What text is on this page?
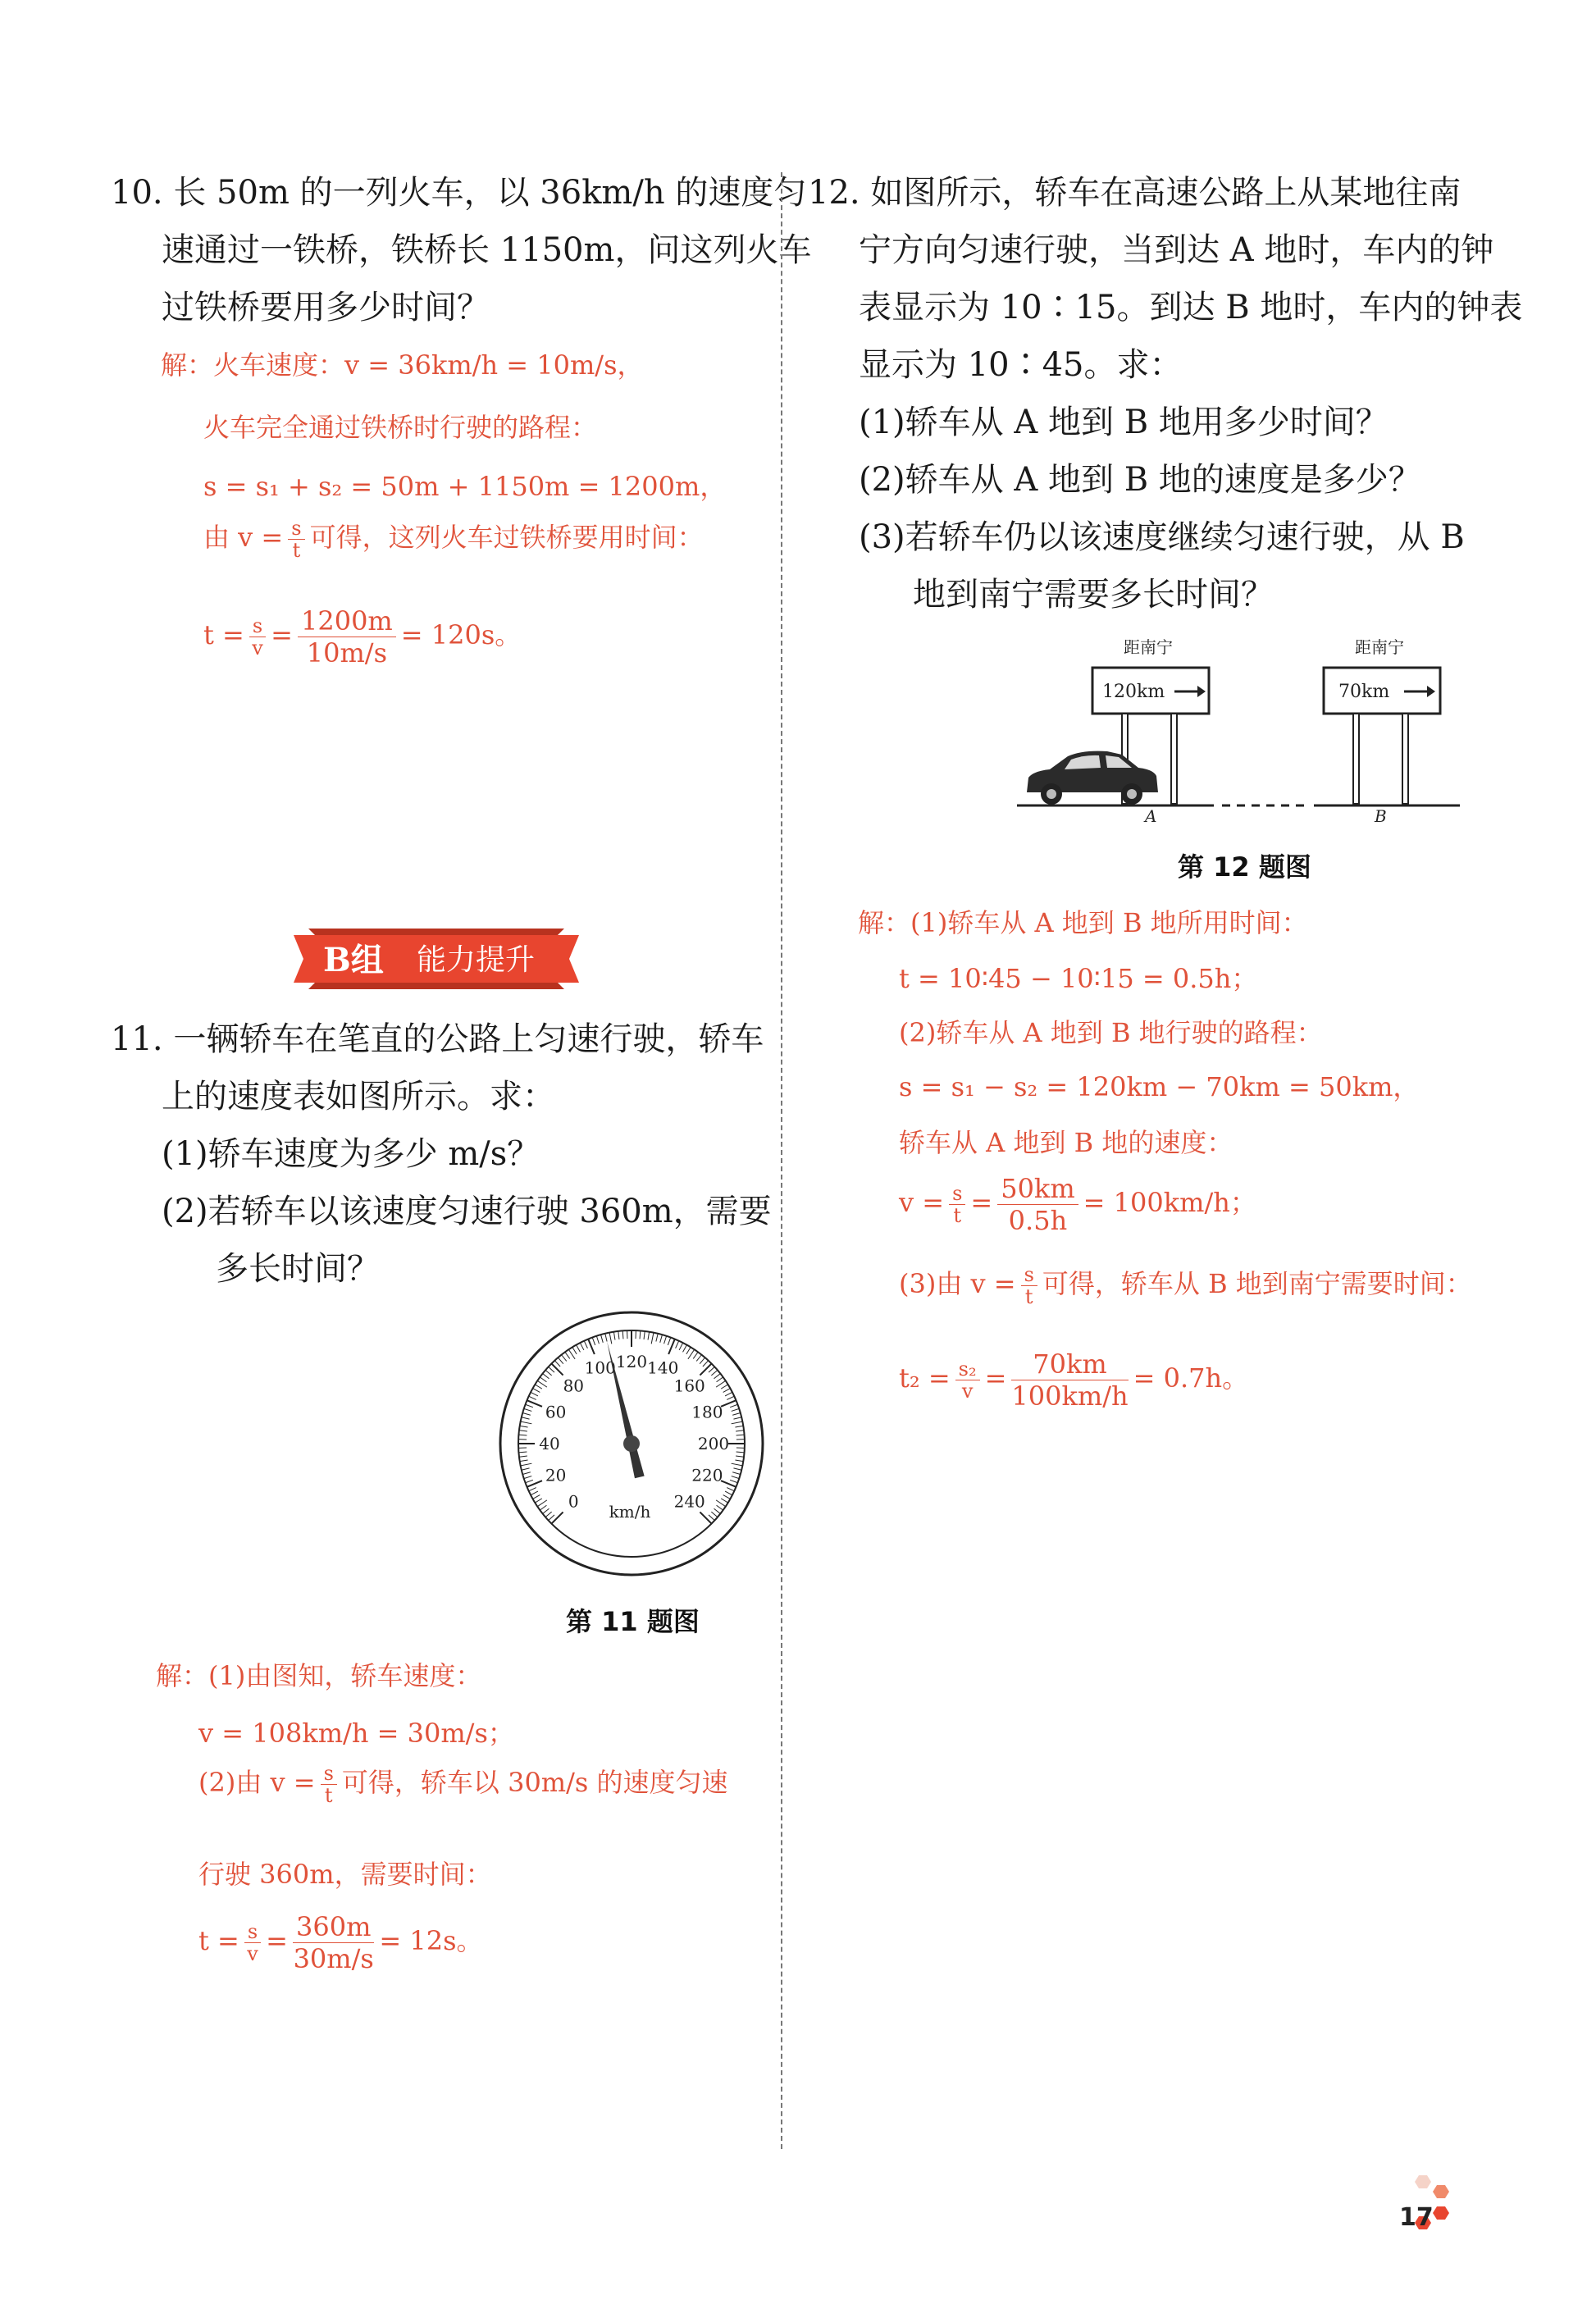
10. 长 50m 的一列火车，以 36km/h 的速度匀
速通过一铁桥，铁桥长 1150m，问这列火车
过铁桥要用多少时间？
解：火车速度：v = 36km/h = 10m/s，
火车完全通过铁桥时行驶的路程：
s = s₁ + s₂ = 50m + 1150m = 1200m，
由 $v = \frac{s}{t}$ 可得，这列火车过铁桥要用时间：
$t = \frac{s}{v} = \frac{1200m}{10m/s} = 120s$。
B组 能力提升
11. 一辆轿车在笔直的公路上匀速行驶，轿车
上的速度表如图所示。求：
(1)轿车速度为多少 m/s？
(2)若轿车以该速度匀速行驶 360m，需要
多长时间？
0
20
40
60
80
100 120 140
160
180
200
220
240
km/h
第 11 题图
解：(1)由图知，轿车速度：
v = 108km/h = 30m/s；
(2)由 $v = \frac{s}{t}$ 可得，轿车以 30m/s 的速度匀速
行驶 360m，需要时间：
$t = \frac{s}{v} = \frac{360m}{30m/s} = 12s$。
12. 如图所示，轿车在高速公路上从某地往南
宁方向匀速行驶，当到达 A 地时，车内的钟
表显示为 10∶15。到达 B 地时，车内的钟表
显示为 10∶45。求：
(1)轿车从 A 地到 B 地用多少时间？
(2)轿车从 A 地到 B 地的速度是多少？
(3)若轿车仍以该速度继续匀速行驶，从 B
地到南宁需要多长时间？
距南宁
120km
距南宁
70km
A	B
第 12 题图
解：(1)轿车从 A 地到 B 地所用时间：
t = 10∶45 − 10∶15 = 0.5h；
(2)轿车从 A 地到 B 地行驶的路程：
s = s₁ − s₂ = 120km − 70km = 50km，
轿车从 A 地到 B 地的速度：
$v = \frac{s}{t} = \frac{50km}{0.5h} = 100km/h$；
(3)由 $v = \frac{s}{t}$ 可得，轿车从 B 地到南宁需要时间：
$t_2 = \frac{\text{s₂}}{v} = \frac{70km}{100km/h} = 0.7h$。
17
